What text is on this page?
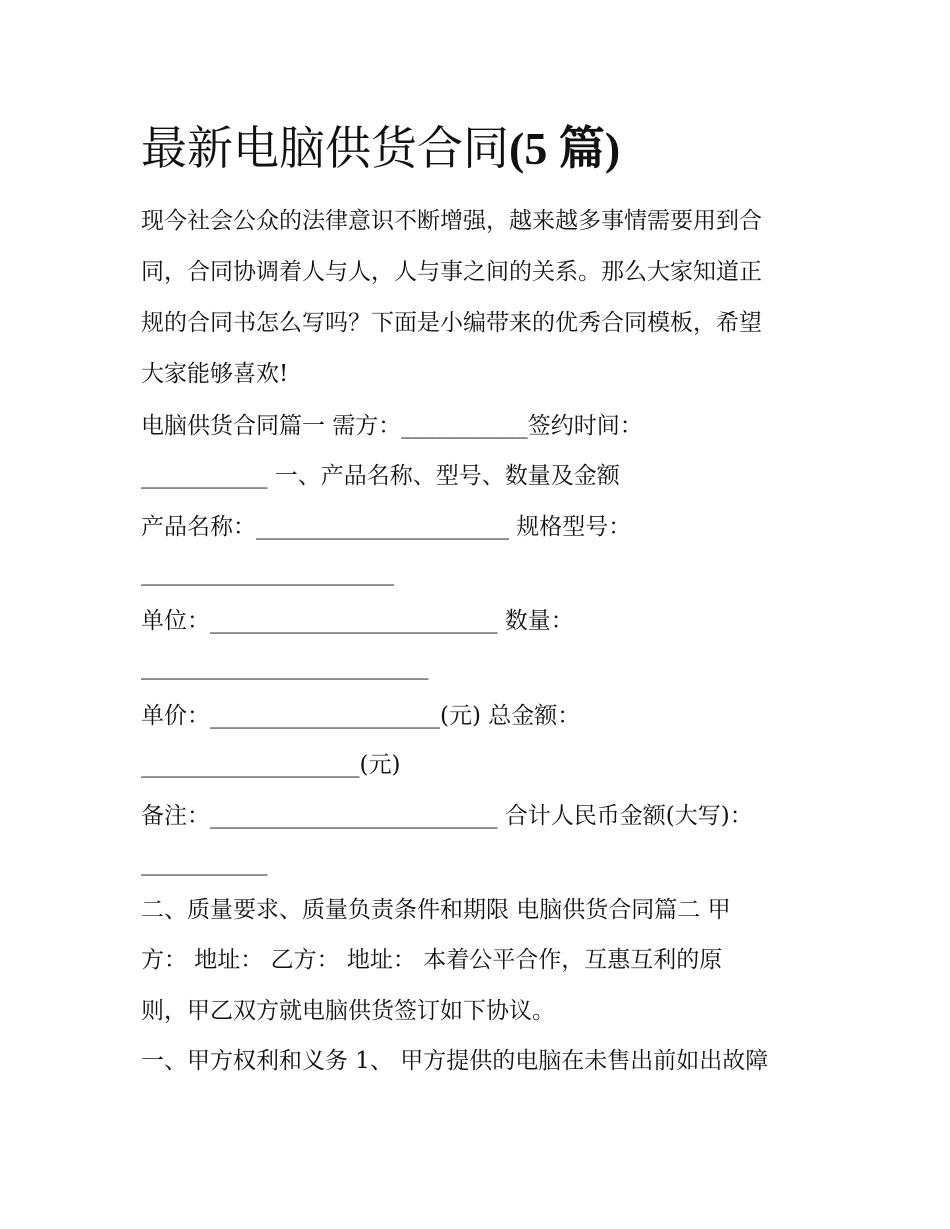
最新电脑供货合同(5 篇)

现今社会公众的法律意识不断增强，越来越多事情需要用到合

同，合同协调着人与人，人与事之间的关系。那么大家知道正

规的合同书怎么写吗？下面是小编带来的优秀合同模板，希望

大家能够喜欢!

电脑供货合同篇一 需方：___________签约时间：

___________ 一、产品名称、型号、数量及金额

产品名称：______________________ 规格型号：

______________________

单位：_________________________ 数量：

_________________________

单价：____________________(元) 总金额：

___________________(元)

备注：_________________________ 合计人民币金额(大写)：

___________

二、质量要求、质量负责条件和期限 电脑供货合同篇二 甲

方： 地址： 乙方： 地址： 本着公平合作，互惠互利的原

则，甲乙双方就电脑供货签订如下协议。

一、甲方权利和义务 1、 甲方提供的电脑在未售出前如出故障
